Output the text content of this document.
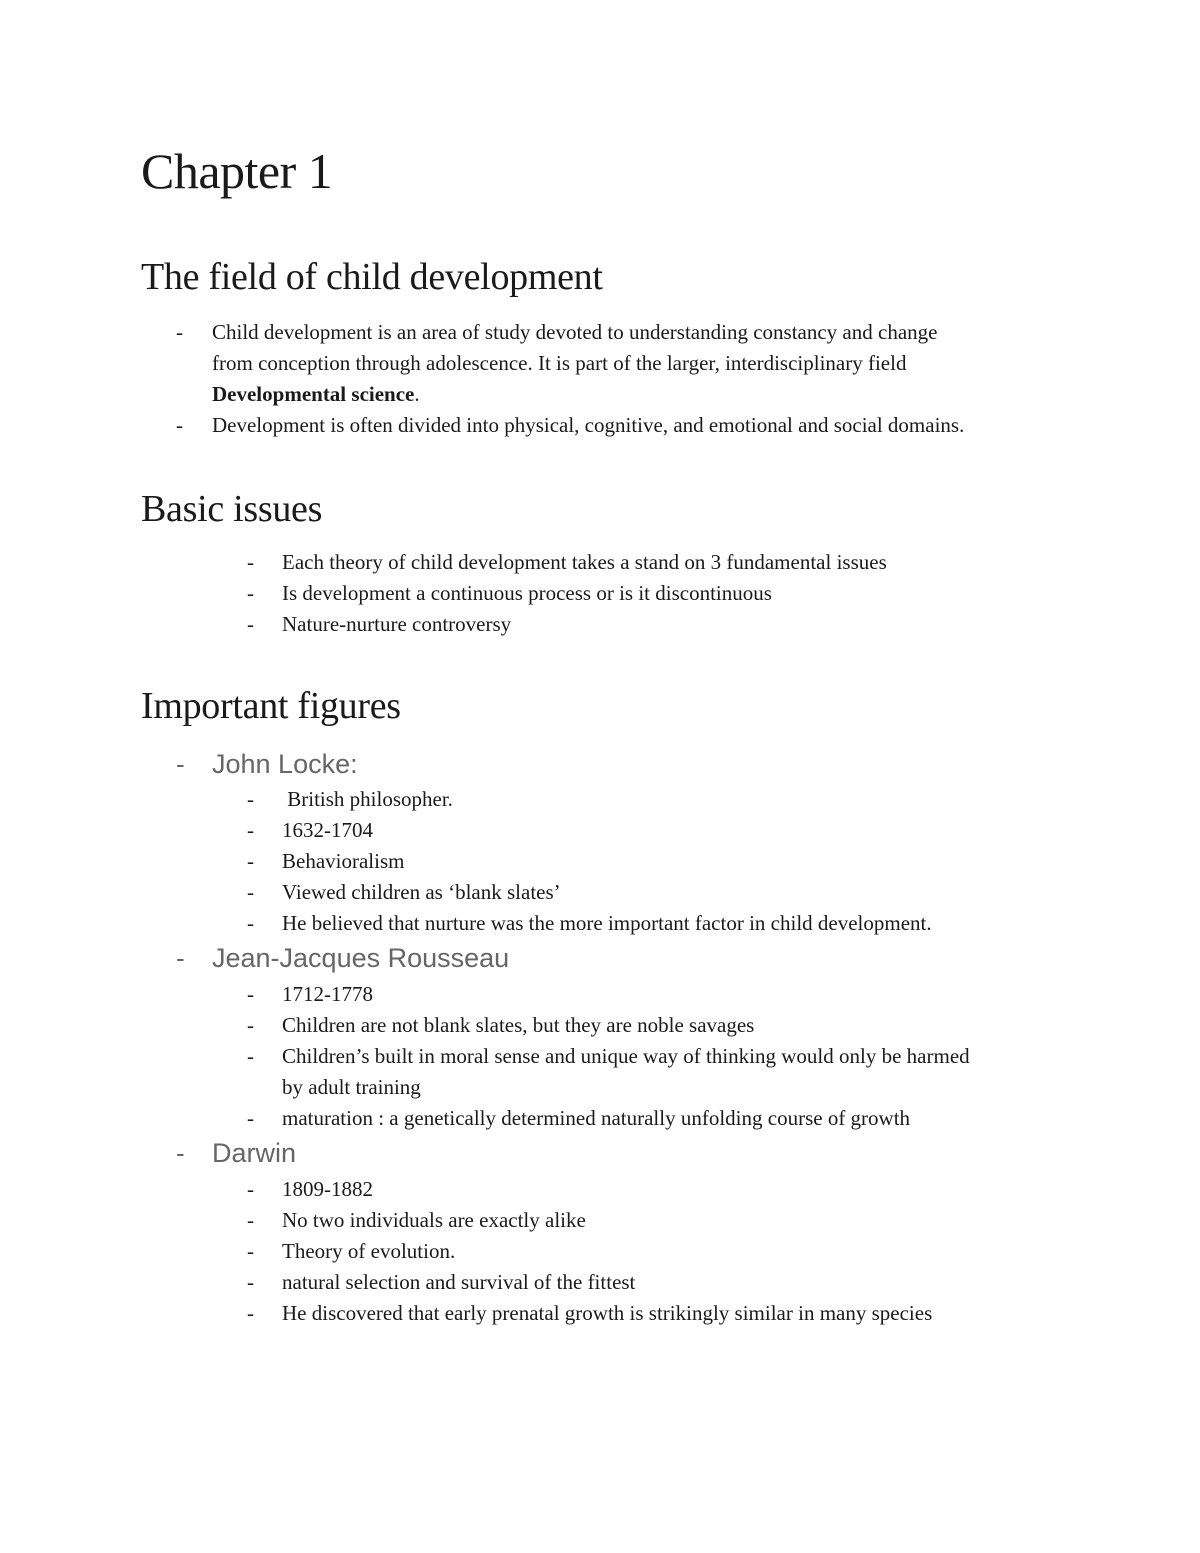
Chapter 1
The field of child development
- Child development is an area of study devoted to understanding constancy and change
from conception through adolescence. It is part of the larger, interdisciplinary field
Developmental science.
- Development is often divided into physical, cognitive, and emotional and social domains.
Basic issues
- Each theory of child development takes a stand on 3 fundamental issues
- Is development a continuous process or is it discontinuous
- Nature-nurture controversy
Important figures
- John Locke:
- British philosopher.
- 1632-1704
- Behavioralism
- Viewed children as ‘blank slates’
- He believed that nurture was the more important factor in child development.
- Jean-Jacques Rousseau
- 1712-1778
- Children are not blank slates, but they are noble savages
- Children’s built in moral sense and unique way of thinking would only be harmed
by adult training
- maturation : a genetically determined naturally unfolding course of growth
- Darwin
- 1809-1882
- No two individuals are exactly alike
- Theory of evolution.
- natural selection and survival of the fittest
- He discovered that early prenatal growth is strikingly similar in many species
